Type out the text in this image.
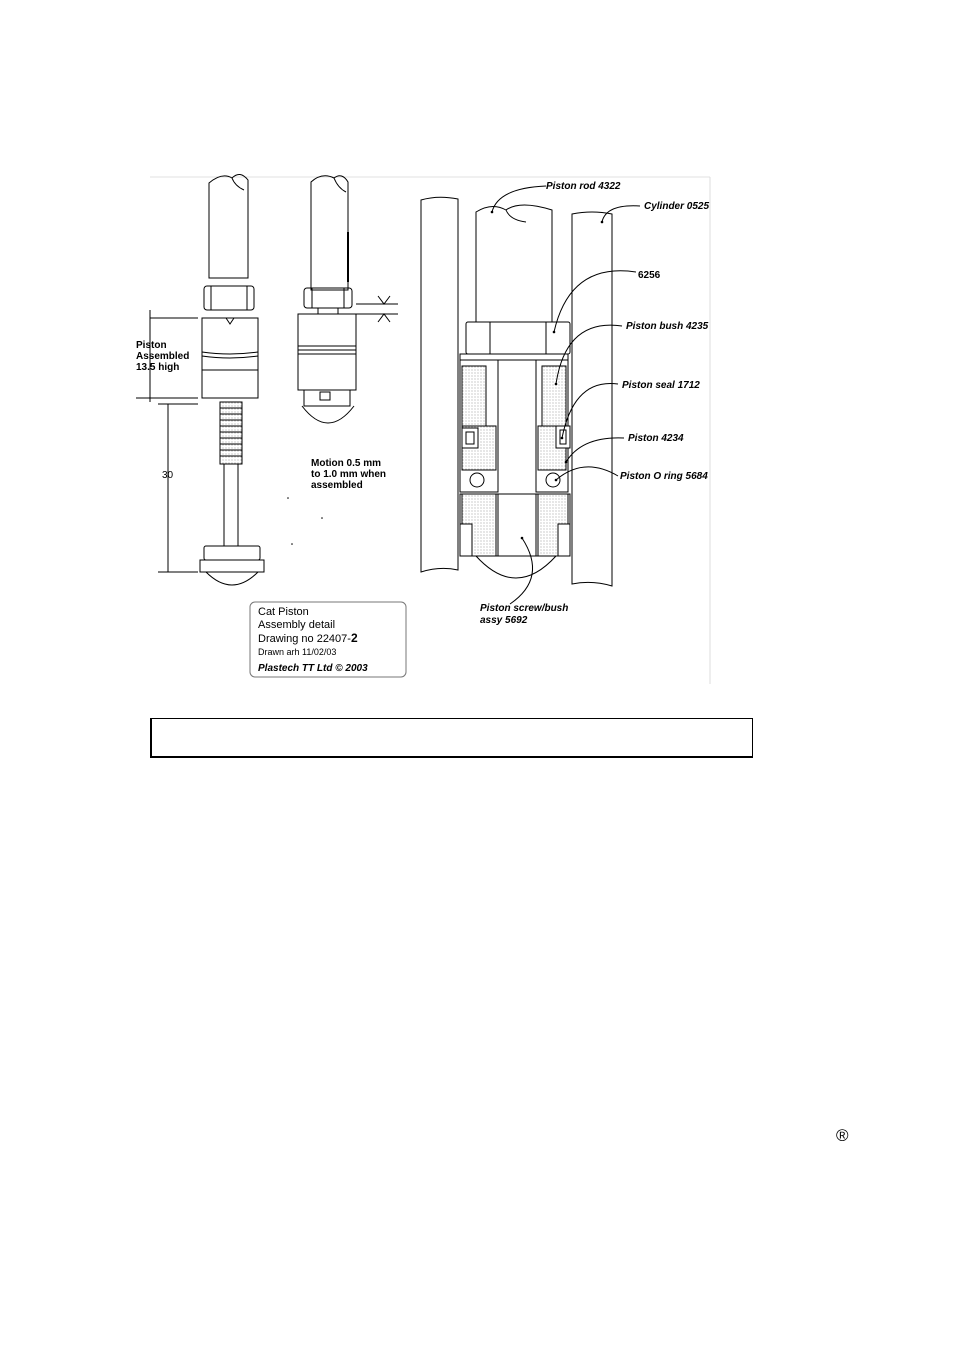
Piston rod 4322
Cylinder 0525
6256
Piston bush 4235
Piston seal 1712
Piston 4234
Piston O ring 5684
Piston screw/bush
assy 5692
Piston
Assembled
13.5 high
30
Motion 0.5 mm
to 1.0 mm when
assembled
Cat Piston
Assembly detail
Drawing no 22407-2
Drawn arh 11/02/03
Plastech TT Ltd © 2003
®
